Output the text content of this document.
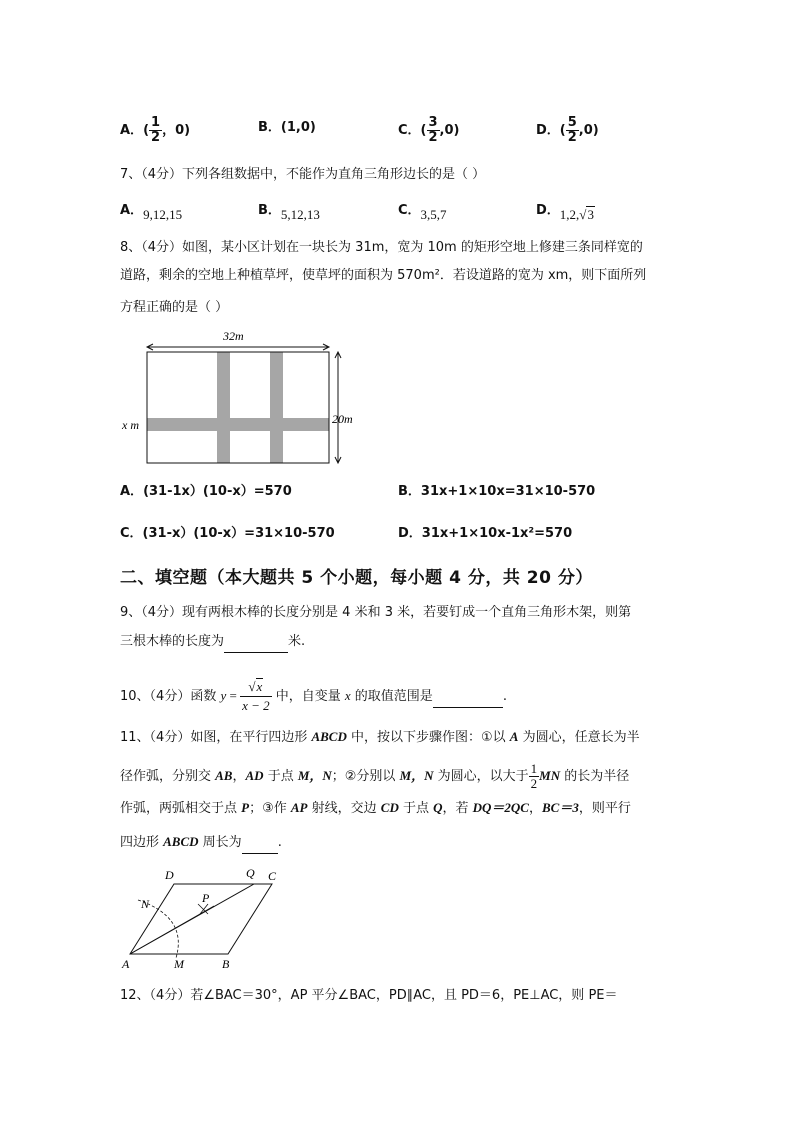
A．( $\frac{1}{2}$ ，0)	B．(1,0)	C．( $\frac{3}{2} ,0$)	D．( $\frac{5}{2} ,0$)
7、（4分）下列各组数据中，不能作为直角三角形边长的是（ ）
A．9,12,15	B．5,12,13	C．3,5,7	D．1,2,√3
8、（4分）如图，某小区计划在一块长为 31m，宽为 10m 的矩形空地上修建三条同样宽的
道路，剩余的空地上种植草坪，使草坪的面积为 570m²．若设道路的宽为 xm，则下面所列
方程正确的是（ ）
32m
20m
x m
A．(31-1x）(10-x）=570	B．31x+1×10x=31×10-570
C．(31-x）(10-x）=31×10-570	D．31x+1×10x-1x²=570
二、填空题（本大题共 5 个小题，每小题 4 分，共 20 分）
9、（4分）现有两根木棒的长度分别是 4 米和 3 米，若要钉成一个直角三角形木架，则第
三根木棒的长度为	米.
10、（4分）函数 $y = \frac{√x}{x - 2}$ 中，自变量 x 的取值范围是	.
11、（4分）如图，在平行四边形 ABCD 中，按以下步骤作图：①以 A 为圆心，任意长为半
径作弧，分别交 AB，AD 于点 M，N；②分别以 M，N 为圆心，以大于 $\frac{1}{2}$ MN 的长为半径
作弧，两弧相交于点 P；③作 AP 射线，交边 CD 于点 Q，若 DQ＝2QC，BC＝3，则平行
四边形 ABCD 周长为	.
D	Q C
N	P
A	M	B
12、（4分）若∠BAC＝30°，AP 平分∠BAC，PD∥AC，且 PD＝6，PE⊥AC，则 PE＝
